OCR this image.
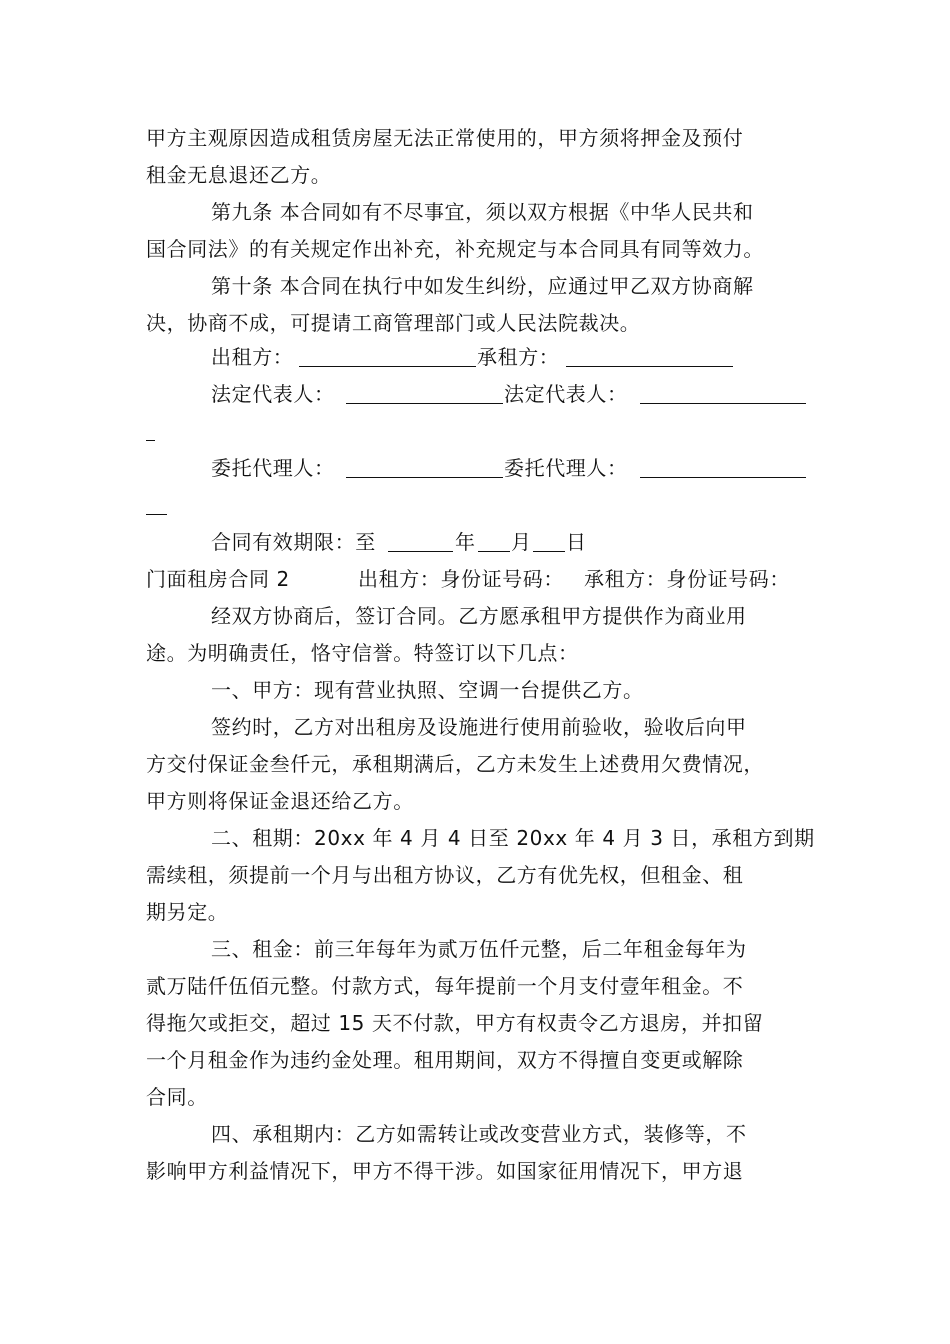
甲方主观原因造成租赁房屋无法正常使用的，甲方须将押金及预付
租金无息退还乙方。
第九条 本合同如有不尽事宜，须以双方根据《中华人民共和
国合同法》的有关规定作出补充，补充规定与本合同具有同等效力。
第十条 本合同在执行中如发生纠纷，应通过甲乙双方协商解
决，协商不成，可提请工商管理部门或人民法院裁决。
出租方：	承租方：
法定代表人：	法定代表人：
委托代理人：	委托代理人：
合同有效期限：至	年 月 日
门面租房合同 2	出租方：身份证号码： 承租方：身份证号码：
经双方协商后，签订合同。乙方愿承租甲方提供作为商业用
途。为明确责任，恪守信誉。特签订以下几点：
一、甲方：现有营业执照、空调一台提供乙方。
签约时，乙方对出租房及设施进行使用前验收，验收后向甲
方交付保证金叁仟元，承租期满后，乙方未发生上述费用欠费情况，
甲方则将保证金退还给乙方。
二、租期：20xx 年 4 月 4 日至 20xx 年 4 月 3 日，承租方到期
需续租，须提前一个月与出租方协议，乙方有优先权，但租金、租
期另定。
三、租金：前三年每年为贰万伍仟元整，后二年租金每年为
贰万陆仟伍佰元整。付款方式，每年提前一个月支付壹年租金。不
得拖欠或拒交，超过 15 天不付款，甲方有权责令乙方退房，并扣留
一个月租金作为违约金处理。租用期间，双方不得擅自变更或解除
合同。
四、承租期内：乙方如需转让或改变营业方式，装修等，不
影响甲方利益情况下，甲方不得干涉。如国家征用情况下，甲方退
